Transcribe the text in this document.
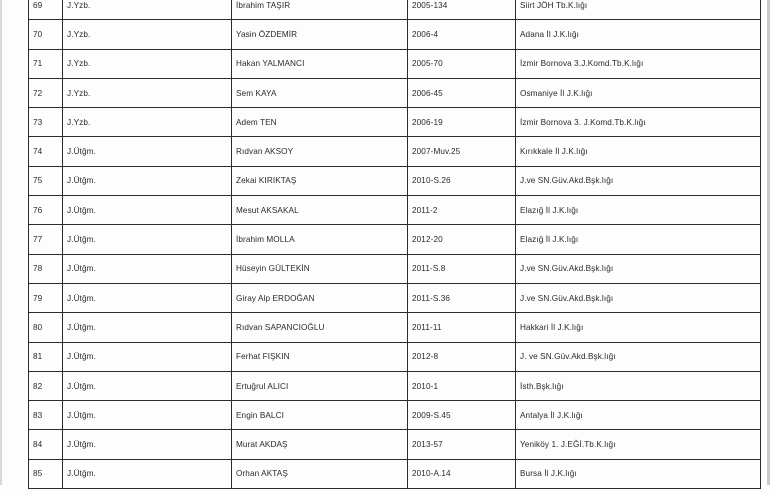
69	J.Yzb.	İbrahim TAŞIR	2005-134	Siirt JÖH Tb.K.lığı
70	J.Yzb.	Yasin ÖZDEMİR	2006-4	Adana İl J.K.lığı
71	J.Yzb.	Hakan YALMANCI	2005-70	İzmir Bornova 3.J.Komd.Tb.K.lığı
72	J.Yzb.	Sem KAYA	2006-45	Osmaniye İl J.K.lığı
73	J.Yzb.	Adem TEN	2006-19	İzmir Bornova 3. J.Komd.Tb.K.lığı
74	J.Ütğm.	Rıdvan AKSOY	2007-Muv.25	Kırıkkale İl J.K.lığı
75	J.Ütğm.	Zekai KIRIKTAŞ	2010-S.26	J.ve SN.Güv.Akd.Bşk.lığı
76	J.Ütğm.	Mesut AKSAKAL	2011-2	Elazığ İl J.K.lığı
77	J.Ütğm.	İbrahim MOLLA	2012-20	Elazığ İl J.K.lığı
78	J.Ütğm.	Hüseyin GÜLTEKİN	2011-S.8	J.ve SN.Güv.Akd.Bşk.lığı
79	J.Ütğm.	Giray Alp ERDOĞAN	2011-S.36	J.ve SN.Güv.Akd.Bşk.lığı
80	J.Ütğm.	Rıdvan SAPANCIOĞLU	2011-11	Hakkari İl J.K.lığı
81	J.Ütğm.	Ferhat FIŞKIN	2012-8	J. ve SN.Güv.Akd.Bşk.lığı
82	J.Ütğm.	Ertuğrul ALICI	2010-1	İsth.Bşk.lığı
83	J.Ütğm.	Engin BALCI	2009-S.45	Antalya İl J.K.lığı
84	J.Ütğm.	Murat AKDAŞ	2013-57	Yeniköy 1. J.EĞİ.Tb.K.lığı
85	J.Ütğm.	Orhan AKTAŞ	2010-A.14	Bursa İl J.K.lığı
